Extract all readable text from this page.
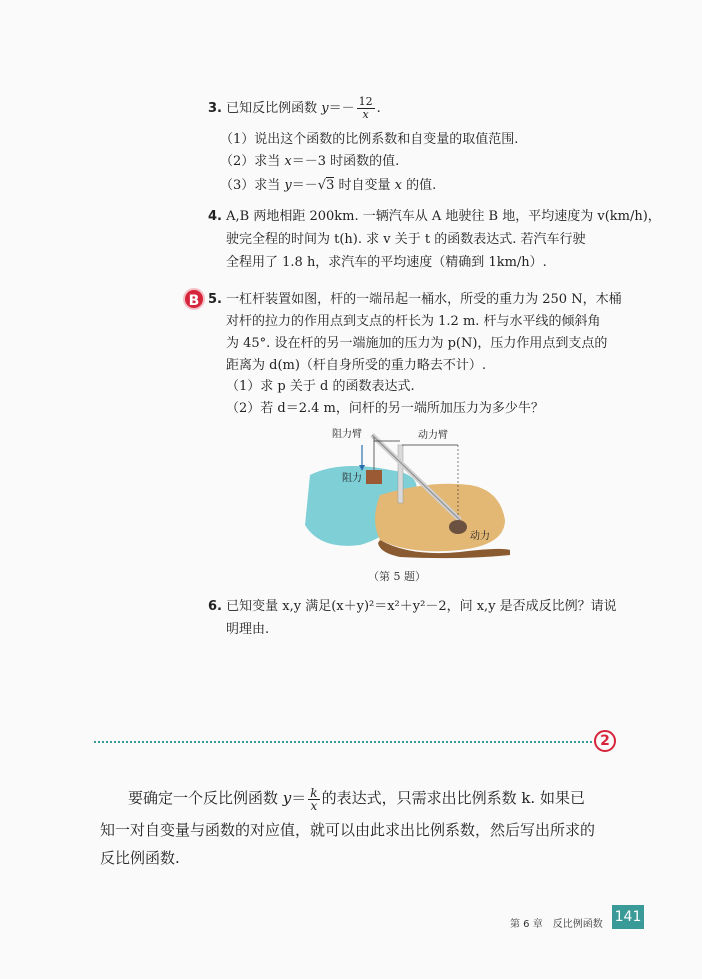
3. 已知反比例函数 $y=- \frac{12}{x}$ .
（1）说出这个函数的比例系数和自变量的取值范围.
（2）求当 x＝－3 时函数的值.
（3）求当 y＝－√3 时自变量 x 的值.
4. A,B 两地相距 200km. 一辆汽车从 A 地驶往 B 地，平均速度为 v(km/h)，
驶完全程的时间为 t(h). 求 v 关于 t 的函数表达式. 若汽车行驶
全程用了 1.8 h，求汽车的平均速度（精确到 1km/h）.
B 5. 一杠杆装置如图，杆的一端吊起一桶水，所受的重力为 250 N，木桶
对杆的拉力的作用点到支点的杆长为 1.2 m. 杆与水平线的倾斜角
为 45°. 设在杆的另一端施加的压力为 p(N)，压力作用点到支点的
距离为 d(m)（杆自身所受的重力略去不计）.
（1）求 p 关于 d 的函数表达式.
（2）若 d＝2.4 m，问杆的另一端所加压力为多少牛？
阻力臂	动力臂
阻力
动力
（第 5 题）
6. 已知变量 x,y 满足(x＋y)²＝x²＋y²－2，问 x,y 是否成反比例？请说
明理由.
2
要确定一个反比例函数 $y= \frac{k}{x}$ 的表达式，只需求出比例系数 k. 如果已
知一对自变量与函数的对应值，就可以由此求出比例系数，然后写出所求的
反比例函数.
第 6 章　反比例函数 141
